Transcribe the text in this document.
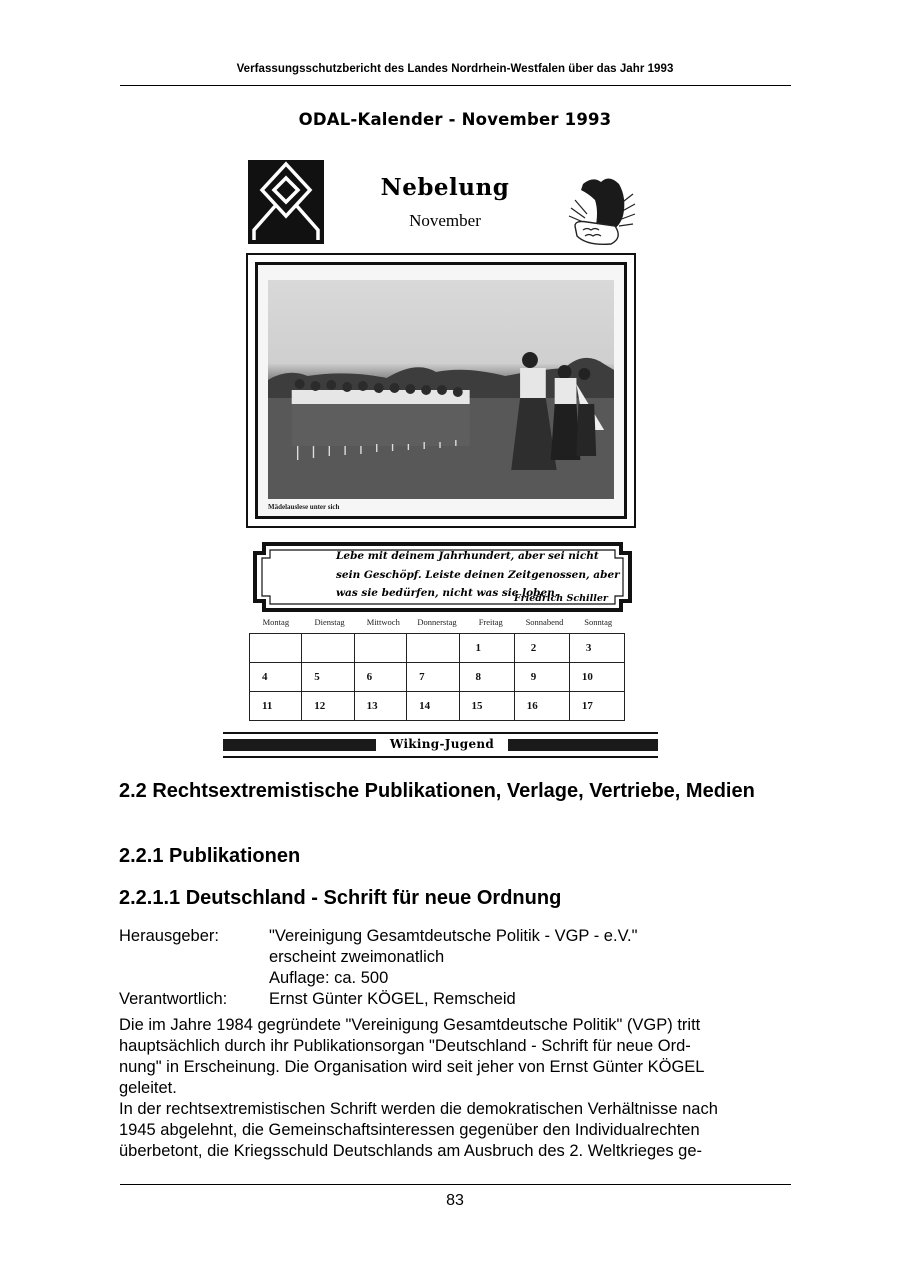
Verfassungsschutzbericht des Landes Nordrhein-Westfalen über das Jahr 1993
ODAL-Kalender - November 1993
Nebelung
November
Mädelauslese unter sich
Lebe mit deinem Jahrhundert, aber sei nicht
sein Geschöpf. Leiste deinen Zeitgenossen, aber
was sie bedürfen, nicht was sie loben.
Friedrich Schiller
Montag	Dienstag	Mittwoch	Donnerstag	Freitag	Sonnabend	Sonntag
				1	2	3
4	5	6	7	8	9	10
11	12	13	14	15	16	17
Wiking-Jugend
2.2 Rechtsextremistische Publikationen, Verlage, Vertriebe, Medien
2.2.1 Publikationen
2.2.1.1 Deutschland - Schrift für neue Ordnung
Herausgeber:	"Vereinigung Gesamtdeutsche Politik - VGP - e.V."
erscheint zweimonatlich
Auflage: ca. 500
Verantwortlich:	Ernst Günter KÖGEL, Remscheid
Die im Jahre 1984 gegründete "Vereinigung Gesamtdeutsche Politik" (VGP) tritt
hauptsächlich durch ihr Publikationsorgan "Deutschland - Schrift für neue Ord-
nung" in Erscheinung. Die Organisation wird seit jeher von Ernst Günter KÖGEL
geleitet.
In der rechtsextremistischen Schrift werden die demokratischen Verhältnisse nach
1945 abgelehnt, die Gemeinschaftsinteressen gegenüber den Individualrechten
überbetont, die Kriegsschuld Deutschlands am Ausbruch des 2. Weltkrieges ge-
83
